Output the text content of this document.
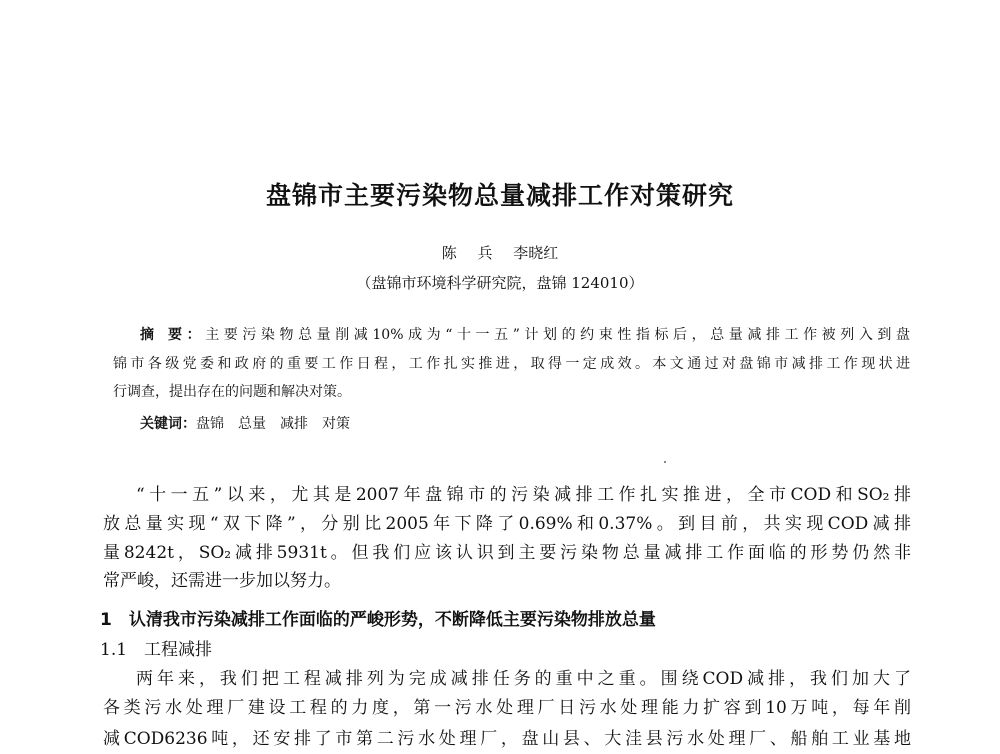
盘锦市主要污染物总量减排工作对策研究
陈 兵 李晓红
（盘锦市环境科学研究院，盘锦 124010）
摘 要：主要污染物总量削减10%成为“十一五”计划的约束性指标后，总量减排工作被列入到盘
锦市各级党委和政府的重要工作日程，工作扎实推进，取得一定成效。本文通过对盘锦市减排工作现状进
行调查，提出存在的问题和解决对策。
关键词：盘锦　总量　减排　对策
“十一五”以来，尤其是2007年盘锦市的污染减排工作扎实推进，全市COD和SO₂排
放总量实现“双下降”，分别比2005年下降了0.69%和0.37%。到目前，共实现COD减排
量8242t，SO₂减排5931t。但我们应该认识到主要污染物总量减排工作面临的形势仍然非
常严峻，还需进一步加以努力。
1　认清我市污染减排工作面临的严峻形势，不断降低主要污染物排放总量
1.1　工程减排
两年来，我们把工程减排列为完成减排任务的重中之重。围绕COD减排，我们加大了
各类污水处理厂建设工程的力度，第一污水处理厂日污水处理能力扩容到10万吨，每年削
减COD6236吨，还安排了市第二污水处理厂，盘山县、大洼县污水处理厂、船舶工业基地
